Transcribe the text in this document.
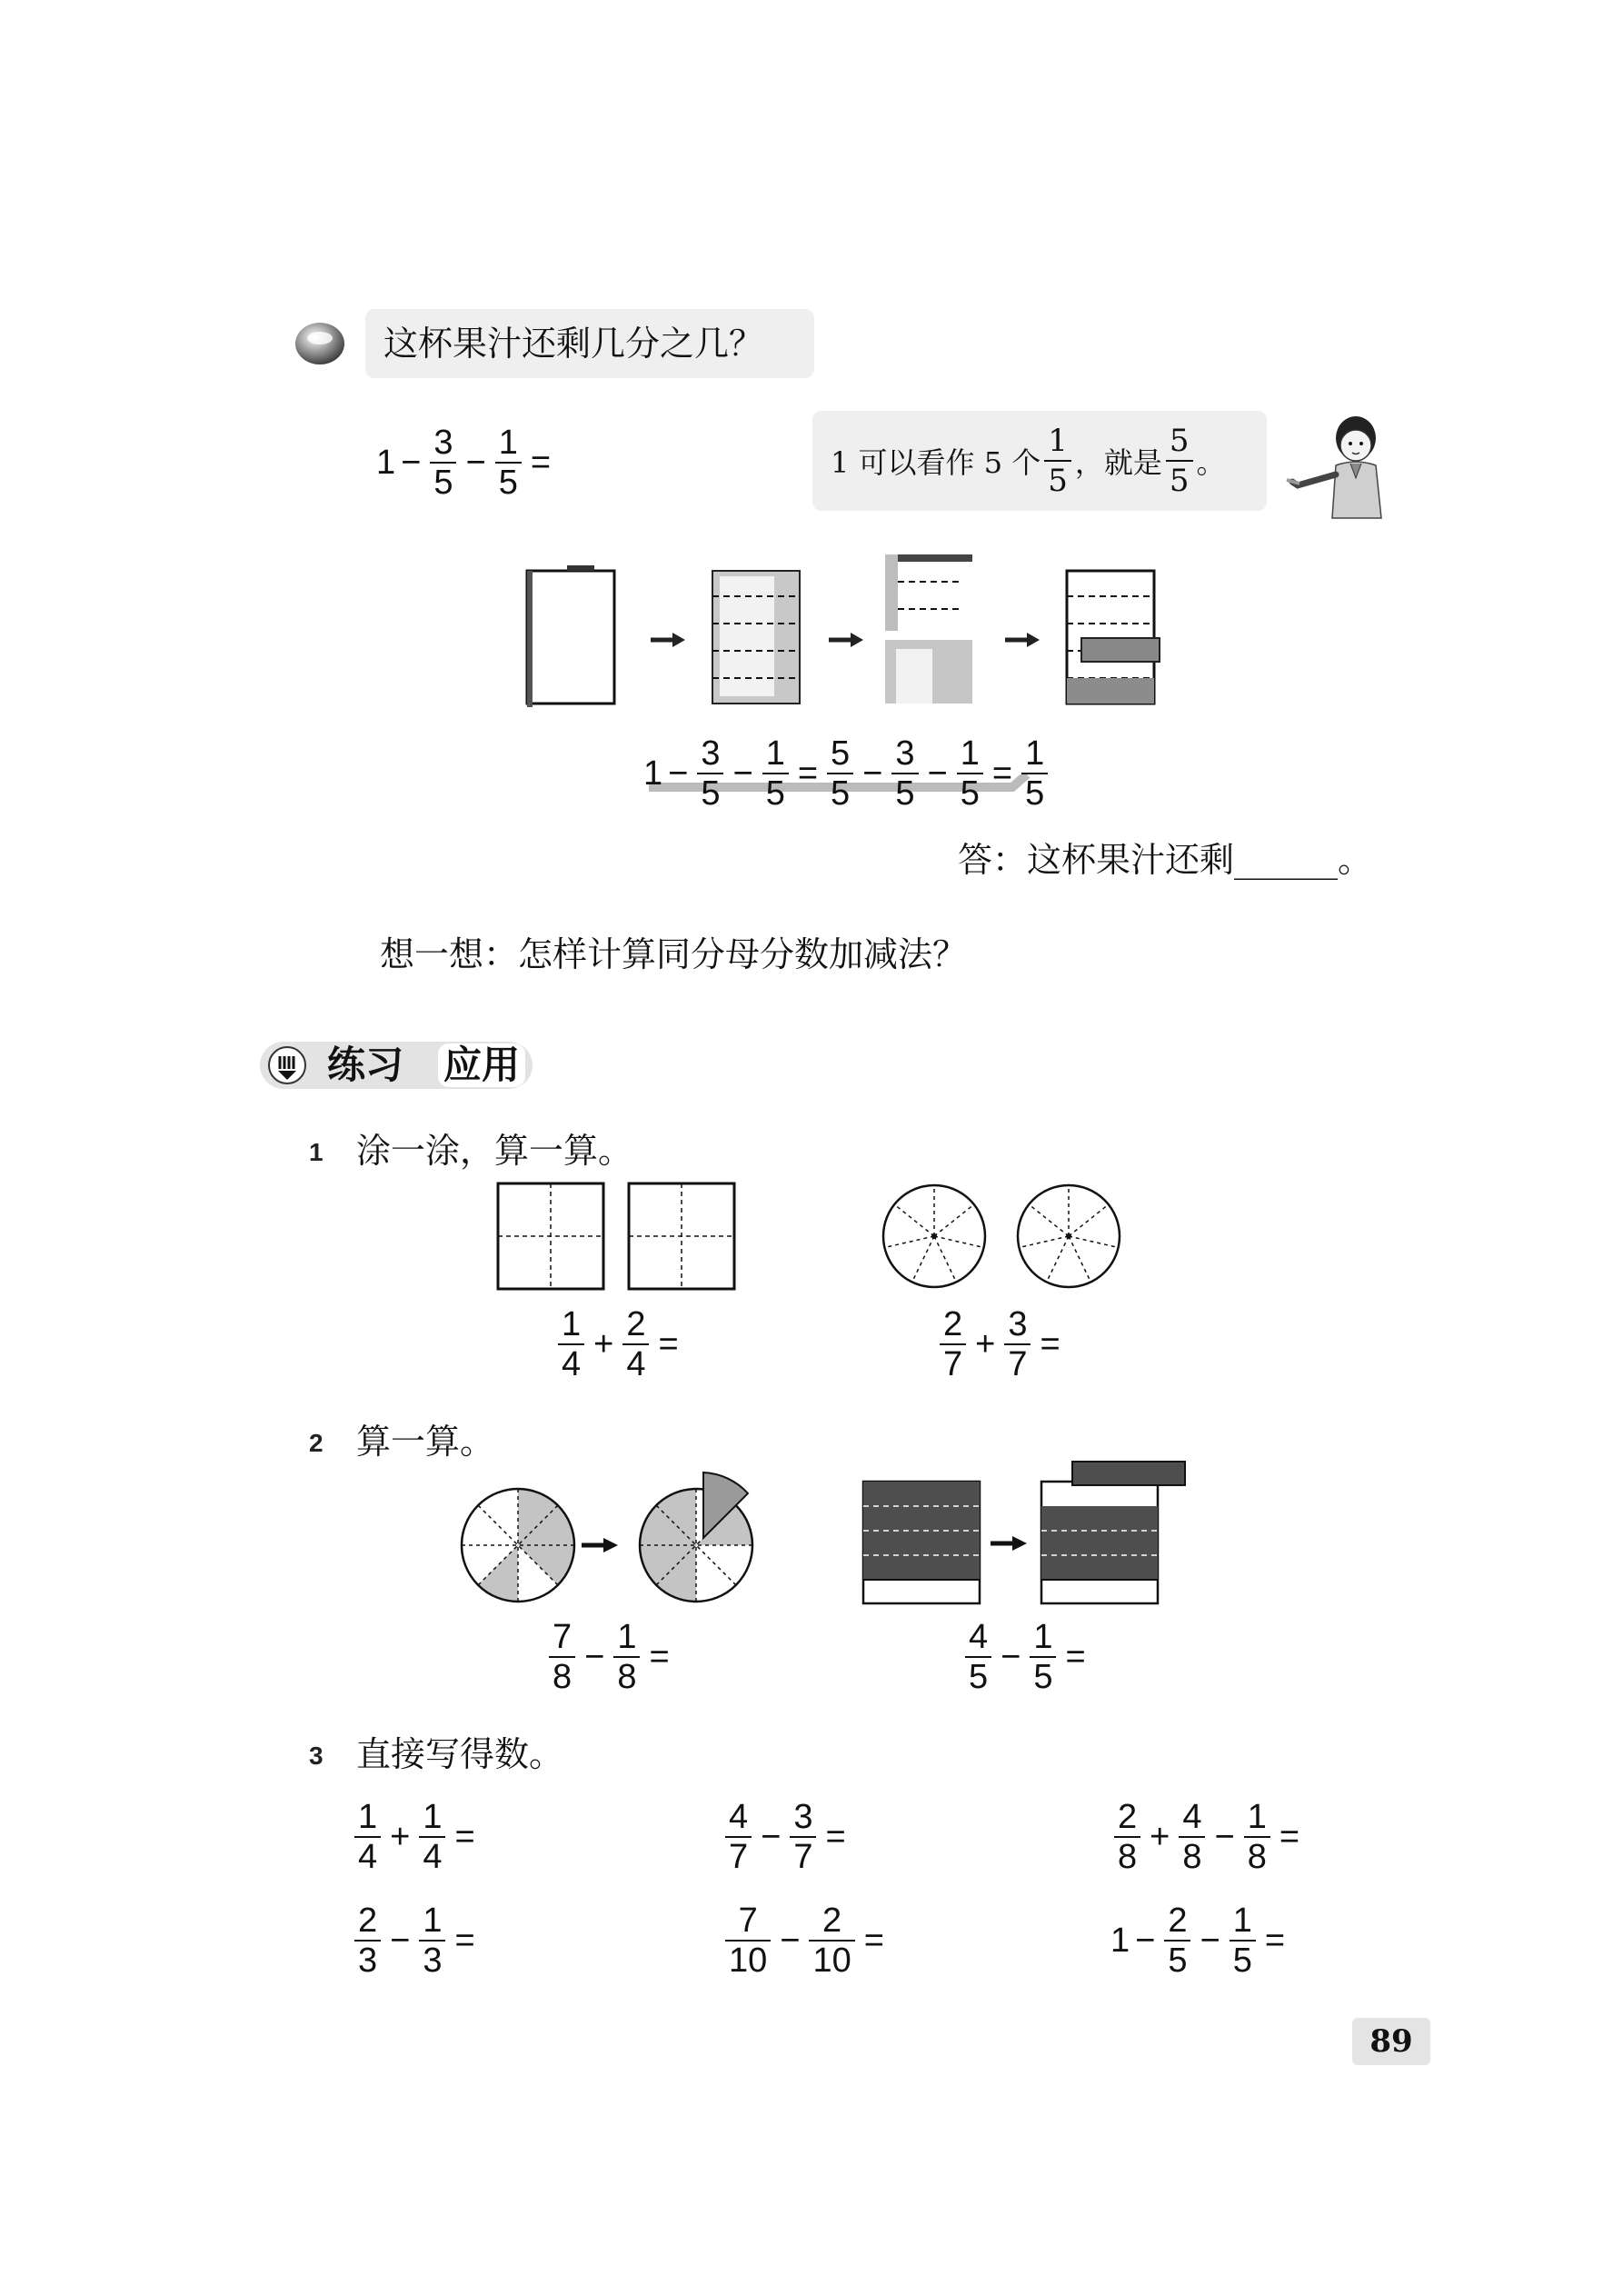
这杯果汁还剩几分之几？
$1 - \frac{3}{5} - \frac{1}{5}$ =	1 可以看作 5 个 $\frac{1}{5}$ ，就是 $\frac{5}{5}$ 。
$1 - \frac{3}{5} - \frac{1}{5} = \frac{5}{5} - \frac{3}{5} - \frac{1}{5} = \frac{1}{5}$
答：这杯果汁还剩______。
想一想：怎样计算同分母分数加减法？
练习 应用
1 涂一涂，算一算。
$\frac{1}{4} + \frac{2}{4}$ =	$\frac{2}{7} + \frac{3}{7}$ =
2 算一算。
$\frac{7}{8} - \frac{1}{8}$ =	$\frac{4}{5} - \frac{1}{5}$ =
3 直接写得数。
$\frac{1}{4} + \frac{1}{4}$ =	$\frac{4}{7} - \frac{3}{7}$ =	$\frac{2}{8} + \frac{4}{8} - \frac{1}{8}$ =
$\frac{2}{3} - \frac{1}{3}$ =	$\frac{7}{10} - \frac{2}{10}$ =	$1 - \frac{2}{5} - \frac{1}{5}$ =
89
